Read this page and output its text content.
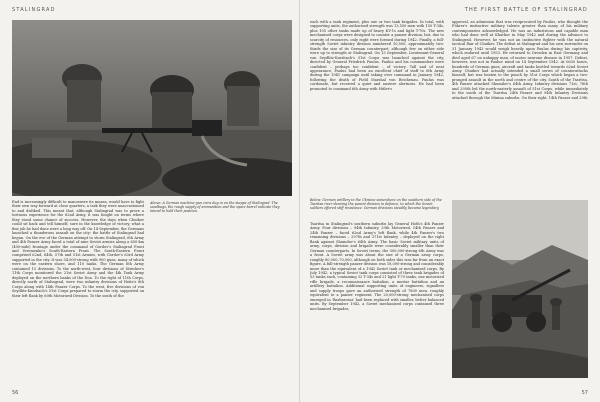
STALINGRAD
Above: A German machine-gun crew dug in on the steppe of Stalingrad. The sandbags, the rough supply of ammunition and the spare barrel indicate they intend to hold their position.
End is increasingly difficult to manoeuvre its moans, would have to fight their own way forward at close quarters, a task they were unaccustomed to and disliked. This meant that, although Stalingrad was to prove a tortuous experience for the 62nd Army, it was fought on terms where they stood some chance of success. However, the days when Chuikov could sit back and tell himself, sure in the knowledge of victory, what a fine job he had done were a long way off. On 14 September, the Germans launched a thunderous assault on the city: the battle of Stalingrad had begun. On the eve of the German attempt to storm Stalingrad, 6th Army and 4th Panzer Army faced a total of nine Soviet armies along a 650-km (400-mile) frontage under the command of Gordov's Stalingrad Front and Yeremenko's South-Eastern Front. The South-Eastern Front comprised 62nd, 64th, 57th and 51st Armies, with Gordov's 63rd Army supported in the city. It was 54,000-strong with 900 guns, many of which were on the eastern shore, and 110 tanks. The German 6th Army contained 15 divisions. To the north-west, four divisions of Strecker's 11th Corps monitored the 21st Soviet Army and the 4th Tank Army deployed on the northern banks of the Don. To the right of 11th Corps, directly north of Stalingrad, were two infantry divisions of Heitz's 8th Corps along with 14th Panzer Corps. To the west, five divisions of von Seydlitz-Kurzbach's 51st Corps prepared to storm the city, supported on their left flank by 60th Motorized Division. To the south of the
56
THE FIRST BATTLE OF STALINGRAD
each with a tank regiment, plus one or two tank brigades. In total, with supporting units, the authorised strength was 13,550 men with 150 T-34s, plus 105 other tanks made up of heavy KV-1s and light T-70s. The new mechanised corps were designed to counter a panzer division, but, due to scarcity of resources, only eight were formed during 1942. Finally, a full-strength Soviet infantry division numbered 10,500, approximately two-thirds the size of its German counterpart, although few on either side were up to strength at Stalingrad. On 13 September, Lieutenant-General von Seydlitz-Kurzbach's 51st Corps was launched against the city, directed by General Friedrich Paulus. Paulus and his commanders were confident – perhaps too confident – of victory. Tall and of neat appearance, Paulus had been an excellent chief of staff to 6th Army during the 1941 campaign until taking over command in January 1942, following the death of Field Marshal von Reichenau. Paulus was cordonate, but received a quiet and austere alertness. He had been promoted to command 6th Army with Hitler's
Below: German artillery in the Ukraine somewhere on the southern side of the Tsaritsa river showing the parent division in defence, to which the Soviet soldiers offered stiff resistance. German divisions steadily became legendary.
approval, an admission that was reciprocated by Paulus, who thought the Führer's instinctive military talents greater than many of his military contemporaries acknowledged. He was an industrious and capable man who had done well at Kharkov in May 1942 and during the advance to Stalingrad. However, he was not an instinctive fighter with the natural tactical flair of Chuikov. The defeat at Stalingrad and his own surrender on 31 January 1943 would weigh heavily upon Paulus during his captivity, which endured until 1953. He returned to Dresden in East Germany and died aged 67 on unhappy man, of motor neurone disease in 1957. Defeat, however, was not in Paulus' mind on 14 September 1942. At 0630 hours, hundreds of German guns, aircraft and tanks hurtled towards 62nd Soviet Army. Chuikov had actually intended a small series of counterattacks himself, but was beaten to the punch by 51st Corps which began a two-pronged assault in the north and centre of the city. South of the Tsaritsa, 4th Panzer attacked Shumilov's 64th Army. Infantry divisions 71st, 76th and 295th led the north-easterly assault of 51st Corps, while immediately to the south of the Tsaritsa 24th Panzer and 94th Infantry Divisions attacked through the Minina suburbs. On their right, 14th Panzer and 29th
Tsaritsa in Stalingrad's southern suburbs lay General Hoth's 4th Panzer Army. Four divisions – 94th Infantry, 29th Motorized, 14th Panzer and 24th Panzer – faced 62nd Army's left flank, while 4th Panzer's two remaining divisions – 297th and 371st Infantry – deployed on the right flank against Shumilov's 64th Army. The basic Soviet military units of army, corps, division and brigade were considerably smaller than their German counterparts. In Soviet terms, the 300,000-strong 6th Army was a front. A Soviet army was about the size of a German army corps, roughly 60,000–70,000, although on both sides this was far from an exact figure. A full-strength panzer division was 18,000-strong and considerably more than the equivalent of a 1942 Soviet tank or mechanised corps. By July 1942, a typical Soviet tank corps consisted of three tank brigades of 53 tanks each, containing 32 T-34s and 21 light T-70 tanks, one motorised rifle brigade, a reconnaissance battalion, a mortar battalion and an artillery battalion. Additional supporting units of engineers, signallers and supply troops gave an authorised strength of 7800 men, roughly equivalent to a panzer regiment. The 20,000-strong mechanised corps emerged in 'Barbarossa' had been replaced with smaller, better balanced units. By September 1942, a Soviet mechanised corps contained three mechanised brigades,
57
